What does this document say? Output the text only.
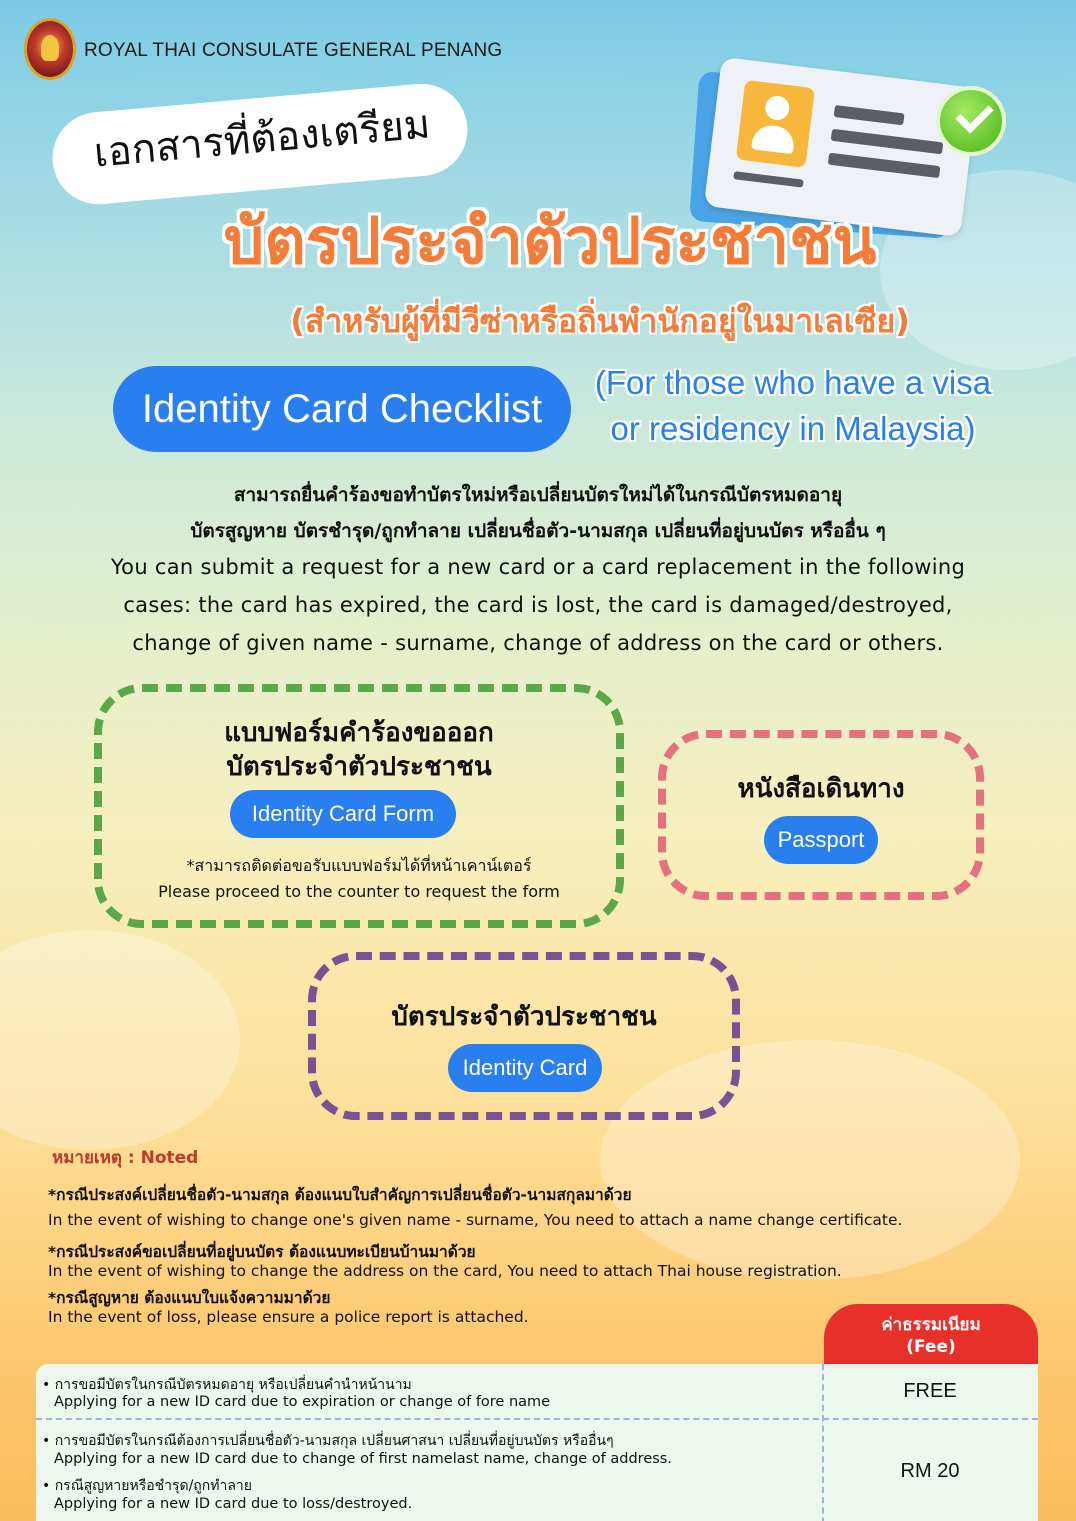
ROYAL THAI CONSULATE GENERAL PENANG
เอกสารที่ต้องเตรียม
บัตรประจำตัวประชาชน
(สำหรับผู้ที่มีวีซ่าหรือถิ่นพำนักอยู่ในมาเลเซีย)
Identity Card Checklist
(For those who have a visa
or residency in Malaysia)
สามารถยื่นคำร้องขอทำบัตรใหม่หรือเปลี่ยนบัตรใหม่ได้ในกรณีบัตรหมดอายุ
บัตรสูญหาย บัตรชำรุด/ถูกทำลาย เปลี่ยนชื่อตัว-นามสกุล เปลี่ยนที่อยู่บนบัตร หรืออื่น ๆ
You can submit a request for a new card or a card replacement in the following
cases: the card has expired, the card is lost, the card is damaged/destroyed,
change of given name - surname, change of address on the card or others.
แบบฟอร์มคำร้องขอออก
บัตรประจำตัวประชาชน
Identity Card Form
*สามารถติดต่อขอรับแบบฟอร์มได้ที่หน้าเคาน์เตอร์
Please proceed to the counter to request the form
หนังสือเดินทาง
Passport
บัตรประจำตัวประชาชน
Identity Card
หมายเหตุ : Noted
*กรณีประสงค์เปลี่ยนชื่อตัว-นามสกุล ต้องแนบใบสำคัญการเปลี่ยนชื่อตัว-นามสกุลมาด้วย
In the event of wishing to change one's given name - surname, You need to attach a name change certificate.
*กรณีประสงค์ขอเปลี่ยนที่อยู่บนบัตร ต้องแนบทะเบียนบ้านมาด้วย
In the event of wishing to change the address on the card, You need to attach Thai house registration.
*กรณีสูญหาย ต้องแนบใบแจ้งความมาด้วย
In the event of loss, please ensure a police report is attached.	ค่าธรรมเนียม
(Fee)
• การขอมีบัตรในกรณีบัตรหมดอายุ หรือเปลี่ยนคำนำหน้านาม
Applying for a new ID card due to expiration or change of fore name	FREE
• การขอมีบัตรในกรณีต้องการเปลี่ยนชื่อตัว-นามสกุล เปลี่ยนศาสนา เปลี่ยนที่อยู่บนบัตร หรืออื่นๆ
Applying for a new ID card due to change of first namelast name, change of address.
• กรณีสูญหายหรือชำรุด/ถูกทำลาย
Applying for a new ID card due to loss/destroyed.
RM 20
